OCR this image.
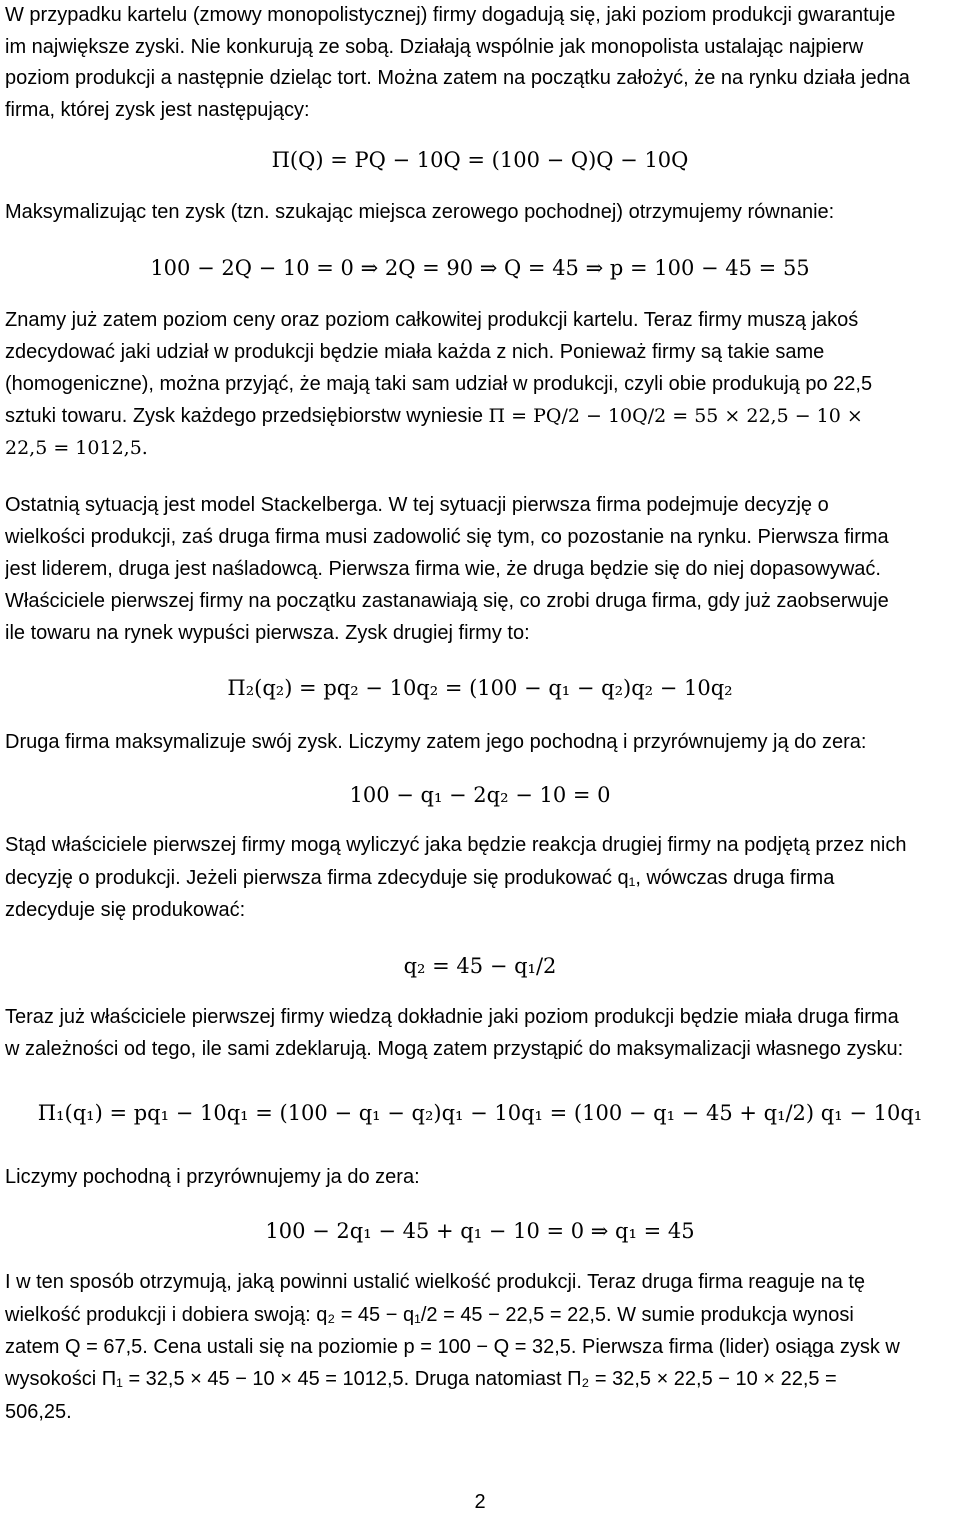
W przypadku kartelu (zmowy monopolistycznej) firmy dogadują się, jaki poziom produkcji gwarantuje
im największe zyski. Nie konkurują ze sobą. Działają wspólnie jak monopolista ustalając najpierw
poziom produkcji a następnie dzieląc tort. Można zatem na początku założyć, że na rynku działa jedna
firma, której zysk jest następujący:
Π(Q) = PQ − 10Q = (100 − Q)Q − 10Q
Maksymalizując ten zysk (tzn. szukając miejsca zerowego pochodnej) otrzymujemy równanie:
100 − 2Q − 10 = 0 ⇒ 2Q = 90 ⇒ Q = 45 ⇒ p = 100 − 45 = 55
Znamy już zatem poziom ceny oraz poziom całkowitej produkcji kartelu. Teraz firmy muszą jakoś
zdecydować jaki udział w produkcji będzie miała każda z nich. Ponieważ firmy są takie same
(homogeniczne), można przyjąć, że mają taki sam udział w produkcji, czyli obie produkują po 22,5
sztuki towaru. Zysk każdego przedsiębiorstw wyniesie Π = PQ/2 − 10Q/2 = 55 × 22,5 − 10 ×
22,5 = 1012,5.
Ostatnią sytuacją jest model Stackelberga. W tej sytuacji pierwsza firma podejmuje decyzję o
wielkości produkcji, zaś druga firma musi zadowolić się tym, co pozostanie na rynku. Pierwsza firma
jest liderem, druga jest naśladowcą. Pierwsza firma wie, że druga będzie się do niej dopasowywać.
Właściciele pierwszej firmy na początku zastanawiają się, co zrobi druga firma, gdy już zaobserwuje
ile towaru na rynek wypuści pierwsza. Zysk drugiej firmy to:
Π₂(q₂) = pq₂ − 10q₂ = (100 − q₁ − q₂)q₂ − 10q₂
Druga firma maksymalizuje swój zysk. Liczymy zatem jego pochodną i przyrównujemy ją do zera:
100 − q₁ − 2q₂ − 10 = 0
Stąd właściciele pierwszej firmy mogą wyliczyć jaka będzie reakcja drugiej firmy na podjętą przez nich
decyzję o produkcji. Jeżeli pierwsza firma zdecyduje się produkować q₁, wówczas druga firma
zdecyduje się produkować:
q₂ = 45 − q₁/2
Teraz już właściciele pierwszej firmy wiedzą dokładnie jaki poziom produkcji będzie miała druga firma
w zależności od tego, ile sami zdeklarują. Mogą zatem przystąpić do maksymalizacji własnego zysku:
Π₁(q₁) = pq₁ − 10q₁ = (100 − q₁ − q₂)q₁ − 10q₁ = (100 − q₁ − 45 + q₁/2) q₁ − 10q₁
Liczymy pochodną i przyrównujemy ja do zera:
100 − 2q₁ − 45 + q₁ − 10 = 0 ⇒ q₁ = 45
I w ten sposób otrzymują, jaką powinni ustalić wielkość produkcji. Teraz druga firma reaguje na tę
wielkość produkcji i dobiera swoją: q₂ = 45 − q₁/2 = 45 − 22,5 = 22,5. W sumie produkcja wynosi
zatem Q = 67,5. Cena ustali się na poziomie p = 100 − Q = 32,5. Pierwsza firma (lider) osiąga zysk w
wysokości Π₁ = 32,5 × 45 − 10 × 45 = 1012,5. Druga natomiast Π₂ = 32,5 × 22,5 − 10 × 22,5 =
506,25.
2
